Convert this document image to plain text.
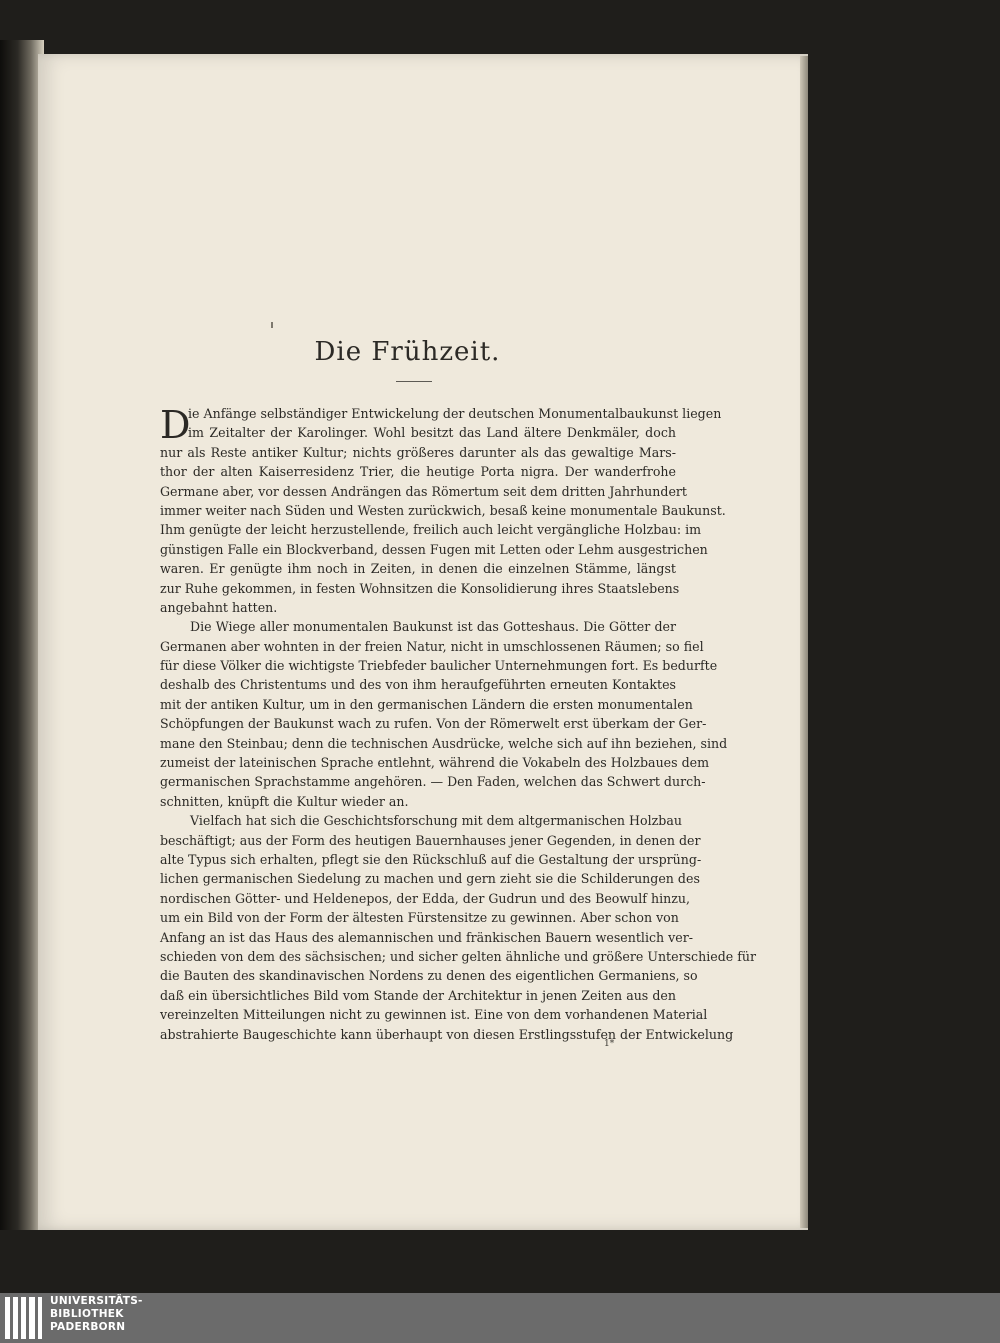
Die Frühzeit.
D
ie Anfänge selbständiger Entwickelung der deutschen Monumentalbaukunst liegen
im Zeitalter der Karolinger. Wohl besitzt das Land ältere Denkmäler, doch
nur als Reste antiker Kultur; nichts größeres darunter als das gewaltige Mars-
thor der alten Kaiserresidenz Trier, die heutige Porta nigra. Der wanderfrohe
Germane aber, vor dessen Andrängen das Römertum seit dem dritten Jahrhundert
immer weiter nach Süden und Westen zurückwich, besaß keine monumentale Baukunst.
Ihm genügte der leicht herzustellende, freilich auch leicht vergängliche Holzbau: im
günstigen Falle ein Blockverband, dessen Fugen mit Letten oder Lehm ausgestrichen
waren. Er genügte ihm noch in Zeiten, in denen die einzelnen Stämme, längst
zur Ruhe gekommen, in festen Wohnsitzen die Konsolidierung ihres Staatslebens
angebahnt hatten.
Die Wiege aller monumentalen Baukunst ist das Gotteshaus. Die Götter der
Germanen aber wohnten in der freien Natur, nicht in umschlossenen Räumen; so fiel
für diese Völker die wichtigste Triebfeder baulicher Unternehmungen fort. Es bedurfte
deshalb des Christentums und des von ihm heraufgeführten erneuten Kontaktes
mit der antiken Kultur, um in den germanischen Ländern die ersten monumentalen
Schöpfungen der Baukunst wach zu rufen. Von der Römerwelt erst überkam der Ger-
mane den Steinbau; denn die technischen Ausdrücke, welche sich auf ihn beziehen, sind
zumeist der lateinischen Sprache entlehnt, während die Vokabeln des Holzbaues dem
germanischen Sprachstamme angehören. — Den Faden, welchen das Schwert durch-
schnitten, knüpft die Kultur wieder an.
Vielfach hat sich die Geschichtsforschung mit dem altgermanischen Holzbau
beschäftigt; aus der Form des heutigen Bauernhauses jener Gegenden, in denen der
alte Typus sich erhalten, pflegt sie den Rückschluß auf die Gestaltung der ursprüng-
lichen germanischen Siedelung zu machen und gern zieht sie die Schilderungen des
nordischen Götter- und Heldenepos, der Edda, der Gudrun und des Beowulf hinzu,
um ein Bild von der Form der ältesten Fürstensitze zu gewinnen. Aber schon von
Anfang an ist das Haus des alemannischen und fränkischen Bauern wesentlich ver-
schieden von dem des sächsischen; und sicher gelten ähnliche und größere Unterschiede für
die Bauten des skandinavischen Nordens zu denen des eigentlichen Germaniens, so
daß ein übersichtliches Bild vom Stande der Architektur in jenen Zeiten aus den
vereinzelten Mitteilungen nicht zu gewinnen ist. Eine von dem vorhandenen Material
abstrahierte Baugeschichte kann überhaupt von diesen Erstlingsstufen der Entwickelung
1*
UNIVERSITÄTS-
BIBLIOTHEK
PADERBORN
